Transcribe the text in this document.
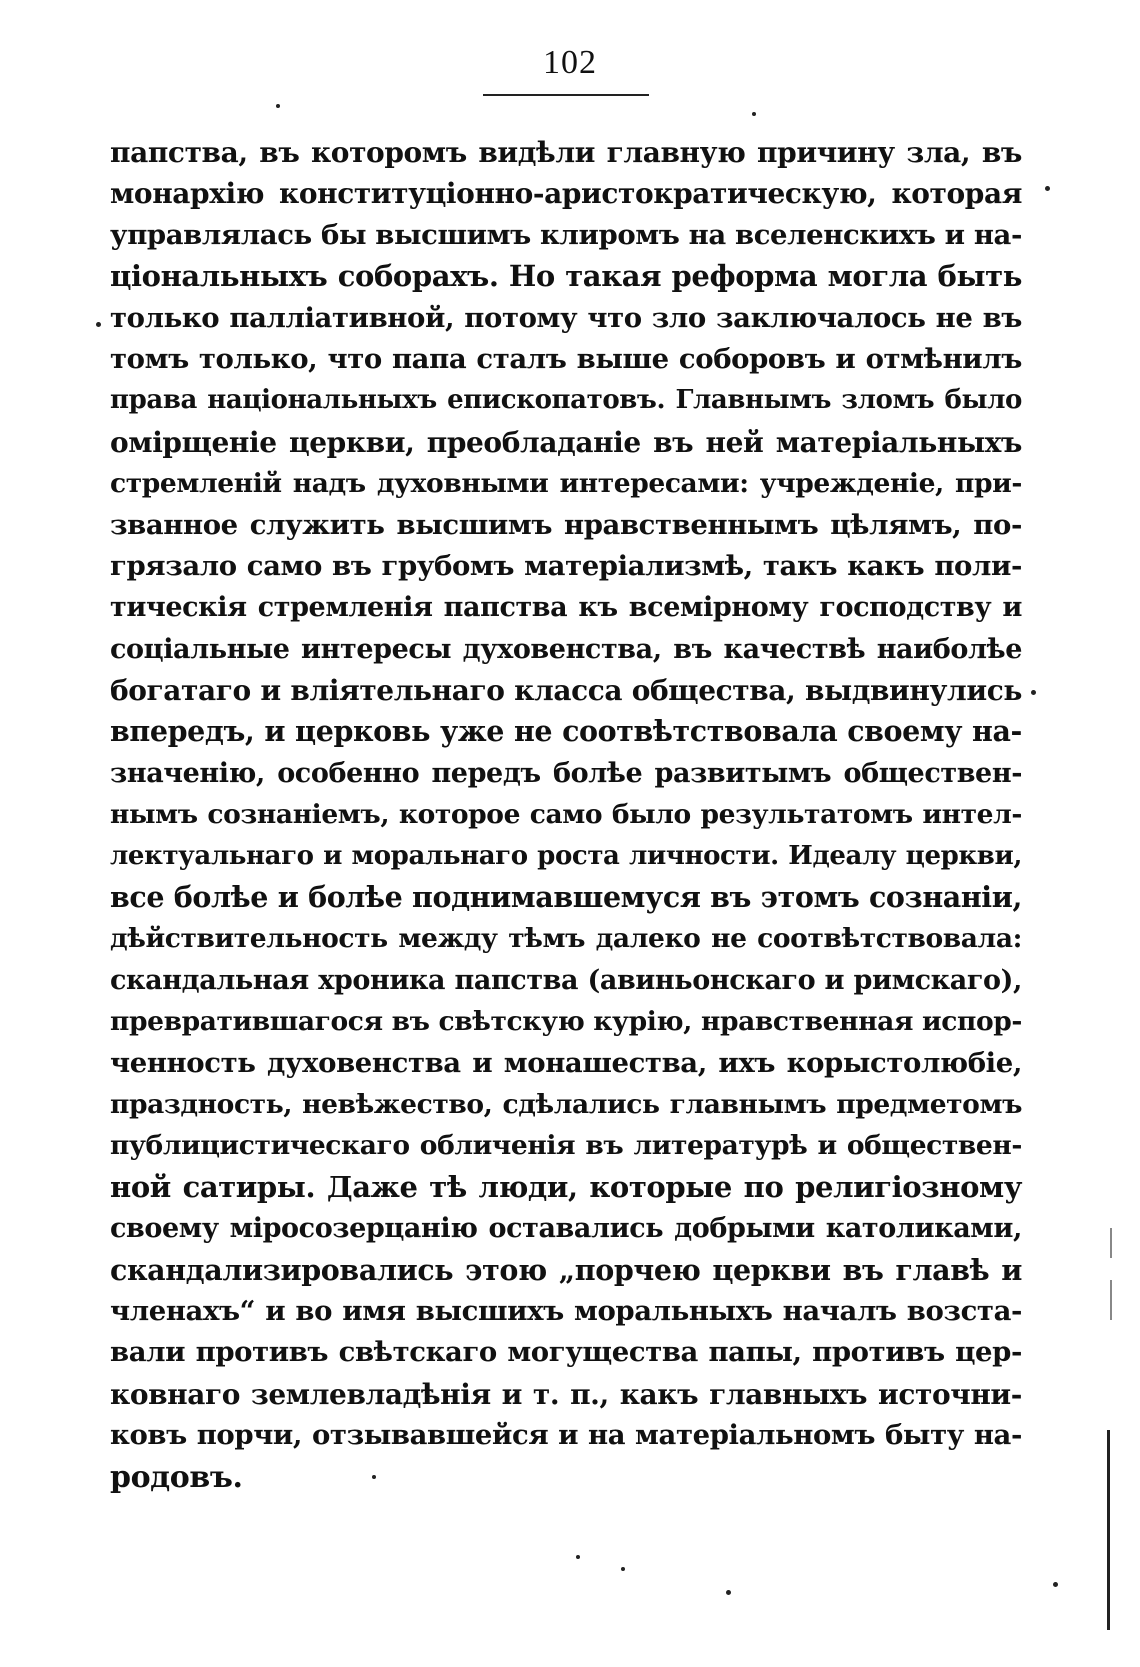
102
папства, въ которомъ видѣли главную причину зла, въ
монархію конституціонно-аристократическую, которая
управлялась бы высшимъ клиромъ на вселенскихъ и на-
ціональныхъ соборахъ. Но такая реформа могла быть
только палліативной, потому что зло заключалось не въ
томъ только, что папа сталъ выше соборовъ и отмѣнилъ
права національныхъ епископатовъ. Главнымъ зломъ было
омірщеніе церкви, преобладаніе въ ней матеріальныхъ
стремленій надъ духовными интересами: учрежденіе, при-
званное служить высшимъ нравственнымъ цѣлямъ, по-
грязало само въ грубомъ матеріализмѣ, такъ какъ поли-
тическія стремленія папства къ всемірному господству и
соціальные интересы духовенства, въ качествѣ наиболѣе
богатаго и вліятельнаго класса общества, выдвинулись
впередъ, и церковь уже не соотвѣтствовала своему на-
значенію, особенно передъ болѣе развитымъ обществен-
нымъ сознаніемъ, которое само было результатомъ интел-
лектуальнаго и моральнаго роста личности. Идеалу церкви,
все болѣе и болѣе поднимавшемуся въ этомъ сознаніи,
дѣйствительность между тѣмъ далеко не соотвѣтствовала:
скандальная хроника папства (авиньонскаго и римскаго),
превратившагося въ свѣтскую курію, нравственная испор-
ченность духовенства и монашества, ихъ корыстолюбіе,
праздность, невѣжество, сдѣлались главнымъ предметомъ
публицистическаго обличенія въ литературѣ и обществен-
ной сатиры. Даже тѣ люди, которые по религіозному
своему міросозерцанію оставались добрыми католиками,
скандализировались этою „порчею церкви въ главѣ и
членахъ“ и во имя высшихъ моральныхъ началъ возста-
вали противъ свѣтскаго могущества папы, противъ цер-
ковнаго землевладѣнія и т. п., какъ главныхъ источни-
ковъ порчи, отзывавшейся и на матеріальномъ быту на-
родовъ.
